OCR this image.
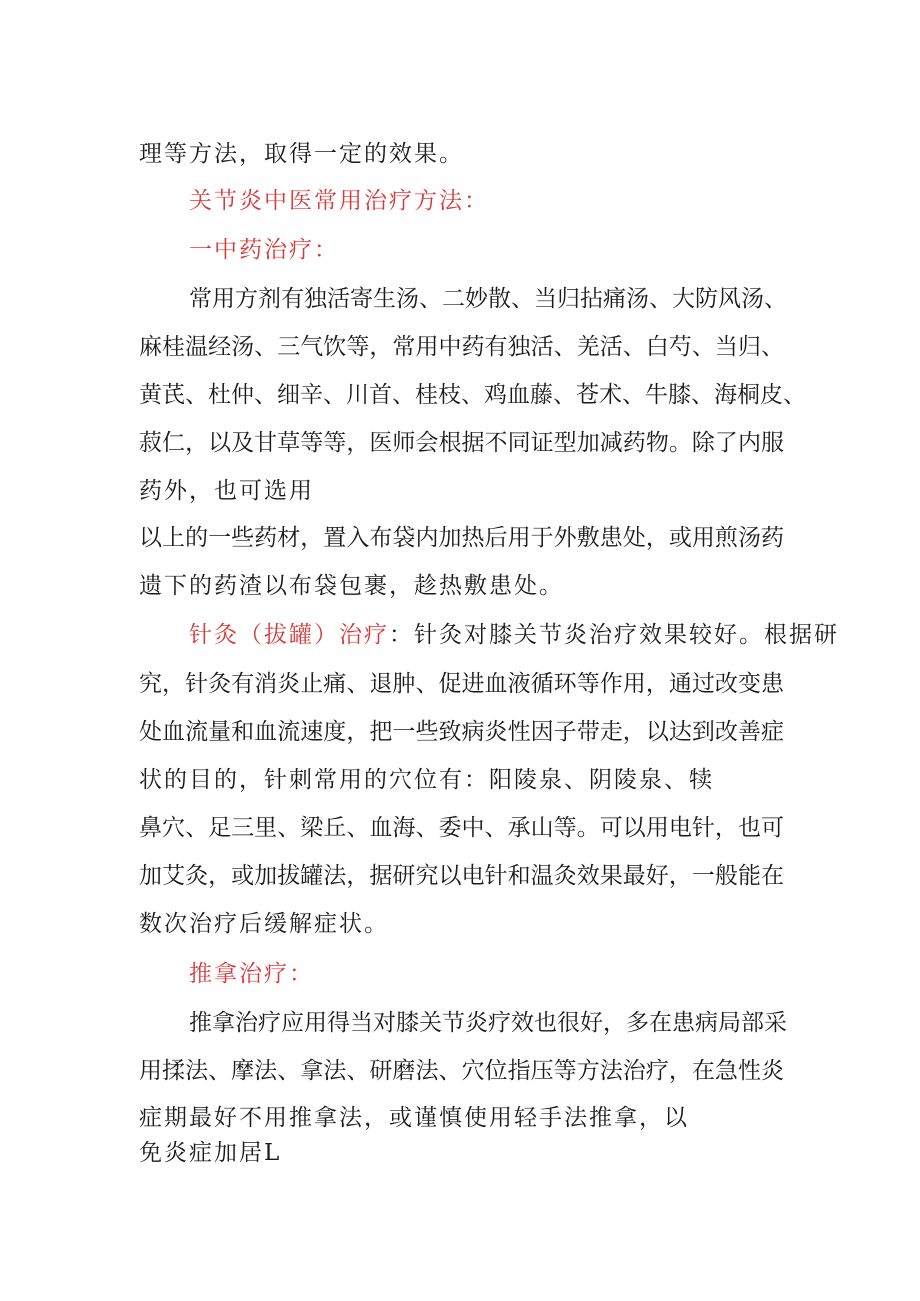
理等方法，取得一定的效果。
关节炎中医常用治疗方法：
一中药治疗：
常用方剂有独活寄生汤、二妙散、当归拈痛汤、大防风汤、
麻桂温经汤、三气饮等，常用中药有独活、羌活、白芍、当归、
黄芪、杜仲、细辛、川首、桂枝、鸡血藤、苍术、牛膝、海桐皮、
菽仁，以及甘草等等，医师会根据不同证型加减药物。除了内服
药外，也可选用
以上的一些药材，置入布袋内加热后用于外敷患处，或用煎汤药
遗下的药渣以布袋包裹，趁热敷患处。
针灸（拔罐）治疗：针灸对膝关节炎治疗效果较好。根据研
究，针灸有消炎止痛、退肿、促进血液循环等作用，通过改变患
处血流量和血流速度，把一些致病炎性因子带走，以达到改善症
状的目的，针刺常用的穴位有：阳陵泉、阴陵泉、犊
鼻穴、足三里、梁丘、血海、委中、承山等。可以用电针，也可
加艾灸，或加拔罐法，据研究以电针和温灸效果最好，一般能在
数次治疗后缓解症状。
推拿治疗：
推拿治疗应用得当对膝关节炎疗效也很好，多在患病局部采
用揉法、摩法、拿法、研磨法、穴位指压等方法治疗，在急性炎
症期最好不用推拿法，或谨慎使用轻手法推拿，以
免炎症加居L
